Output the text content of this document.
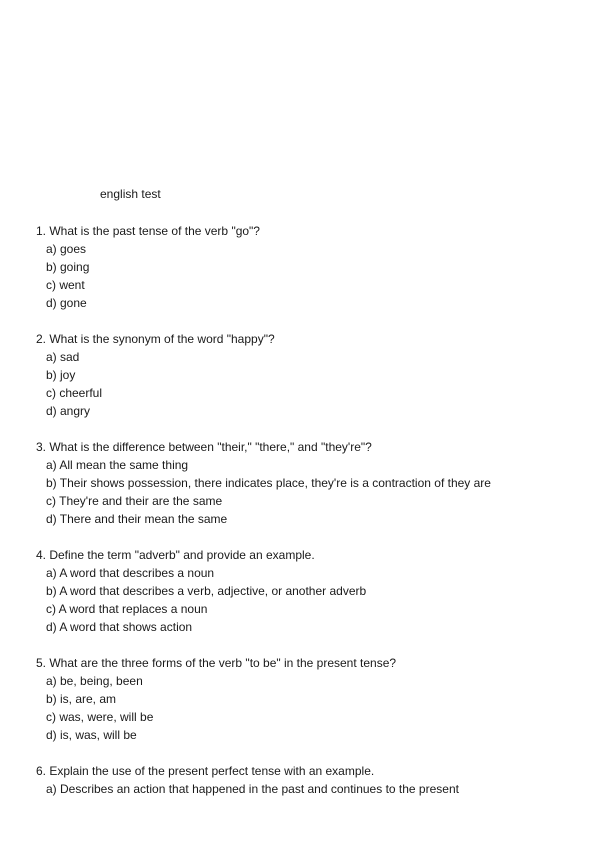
english test
1. What is the past tense of the verb "go"?
a) goes
b) going
c) went
d) gone
2. What is the synonym of the word "happy"?
a) sad
b) joy
c) cheerful
d) angry
3. What is the difference between "their," "there," and "they're"?
a) All mean the same thing
b) Their shows possession, there indicates place, they're is a contraction of they are
c) They're and their are the same
d) There and their mean the same
4. Define the term "adverb" and provide an example.
a) A word that describes a noun
b) A word that describes a verb, adjective, or another adverb
c) A word that replaces a noun
d) A word that shows action
5. What are the three forms of the verb "to be" in the present tense?
a) be, being, been
b) is, are, am
c) was, were, will be
d) is, was, will be
6. Explain the use of the present perfect tense with an example.
a) Describes an action that happened in the past and continues to the present
